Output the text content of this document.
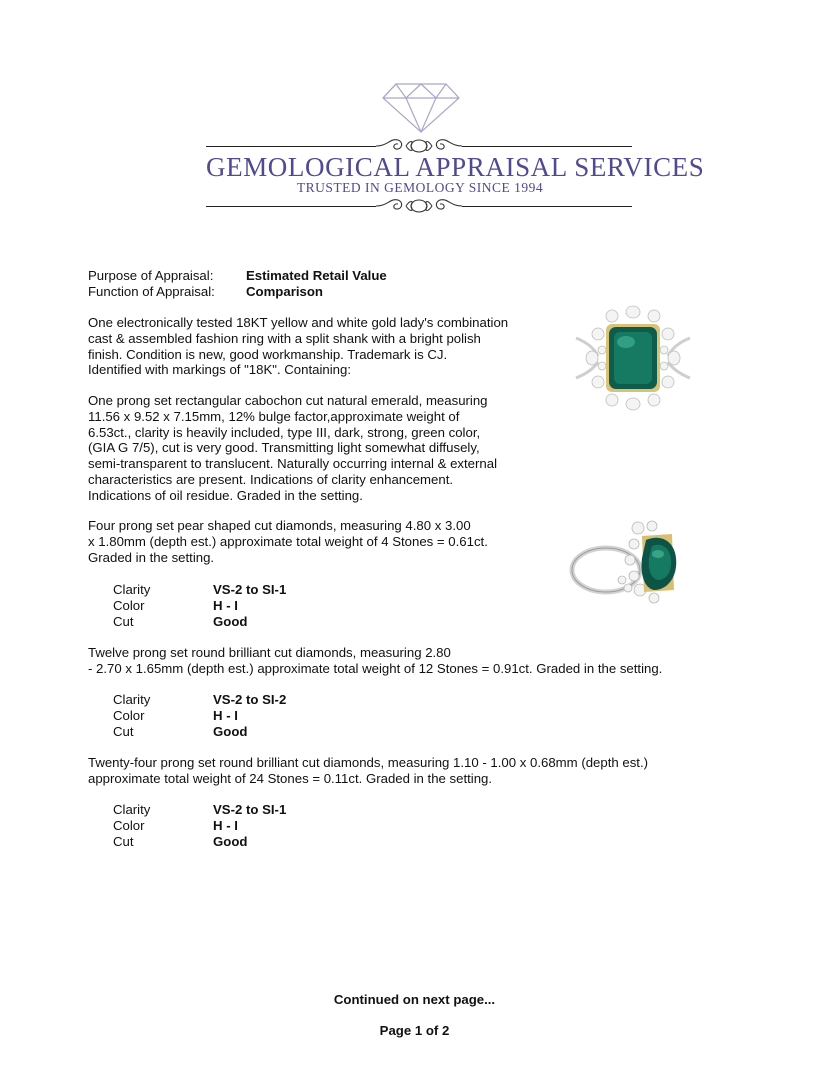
GEMOLOGICAL APPRAISAL SERVICES
TRUSTED IN GEMOLOGY SINCE 1994
Purpose of Appraisal: Estimated Retail Value
Function of Appraisal: Comparison
One electronically tested 18KT yellow and white gold lady's combination
cast & assembled fashion ring with a split shank with a bright polish
finish. Condition is new, good workmanship. Trademark is CJ.
Identified with markings of "18K". Containing:
One prong set rectangular cabochon cut natural emerald, measuring
11.56 x 9.52 x 7.15mm, 12% bulge factor,approximate weight of
6.53ct., clarity is heavily included, type III, dark, strong, green color,
(GIA G 7/5), cut is very good. Transmitting light somewhat diffusely,
semi-transparent to translucent. Naturally occurring internal & external
characteristics are present. Indications of clarity enhancement.
Indications of oil residue. Graded in the setting.
Four prong set pear shaped cut diamonds, measuring 4.80 x 3.00
x 1.80mm (depth est.) approximate total weight of 4 Stones = 0.61ct.
Graded in the setting.
Clarity	VS-2 to SI-1
Color	H - I
Cut	Good
Twelve prong set round brilliant cut diamonds, measuring 2.80
- 2.70 x 1.65mm (depth est.) approximate total weight of 12 Stones = 0.91ct. Graded in the setting.
Clarity	VS-2 to SI-2
Color	H - I
Cut	Good
Twenty-four prong set round brilliant cut diamonds, measuring 1.10 - 1.00 x 0.68mm (depth est.)
approximate total weight of 24 Stones = 0.11ct. Graded in the setting.
Clarity	VS-2 to SI-1
Color	H - I
Cut	Good
Continued on next page...
Page 1 of 2
